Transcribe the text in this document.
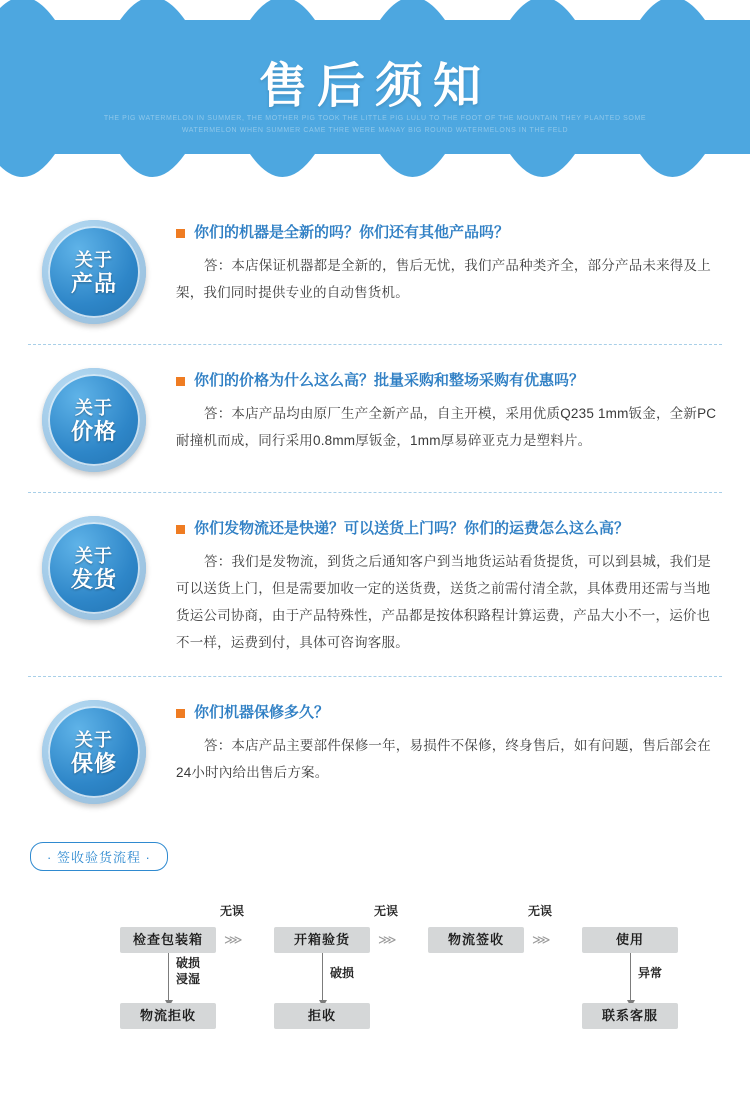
售后须知
THE PIG WATERMELON IN SUMMER, THE MOTHER PIG TOOK THE LITTLE PIG LULU TO THE FOOT OF THE MOUNTAIN THEY PLANTED SOME WATERMELON WHEN SUMMER CAME THRE WERE MANAY BIG ROUND WATERMELONS IN THE FELD
关于
产品
你们的机器是全新的吗？你们还有其他产品吗？
答：本店保证机器都是全新的，售后无忧，我们产品种类齐全，部分产品未来得及上架，我们同时提供专业的自动售货机。
关于
价格
你们的价格为什么这么高？批量采购和整场采购有优惠吗？
答：本店产品均由原厂生产全新产品，自主开模，采用优质Q235 1mm钣金，全新PC耐撞机而成，同行采用0.8mm厚钣金，1mm厚易碎亚克力是塑料片。
关于
发货
你们发物流还是快递？可以送货上门吗？你们的运费怎么这么高？
答：我们是发物流，到货之后通知客户到当地货运站看货提货，可以到县城，我们是可以送货上门，但是需要加收一定的送货费，送货之前需付清全款，具体费用还需与当地货运公司协商，由于产品特殊性，产品都是按体积路程计算运费，产品大小不一，运价也不一样，运费到付，具体可咨询客服。
关于
保修
你们机器保修多久？
答：本店产品主要部件保修一年，易损件不保修，终身售后，如有问题，售后部会在24小时內给出售后方案。
· 签收验货流程 ·
检查包装箱	开箱验货	物流签收	使用
⋙	⋙	⋙
无误	无误	无误
破损
浸湿	破损	异常
物流拒收	拒收	联系客服
